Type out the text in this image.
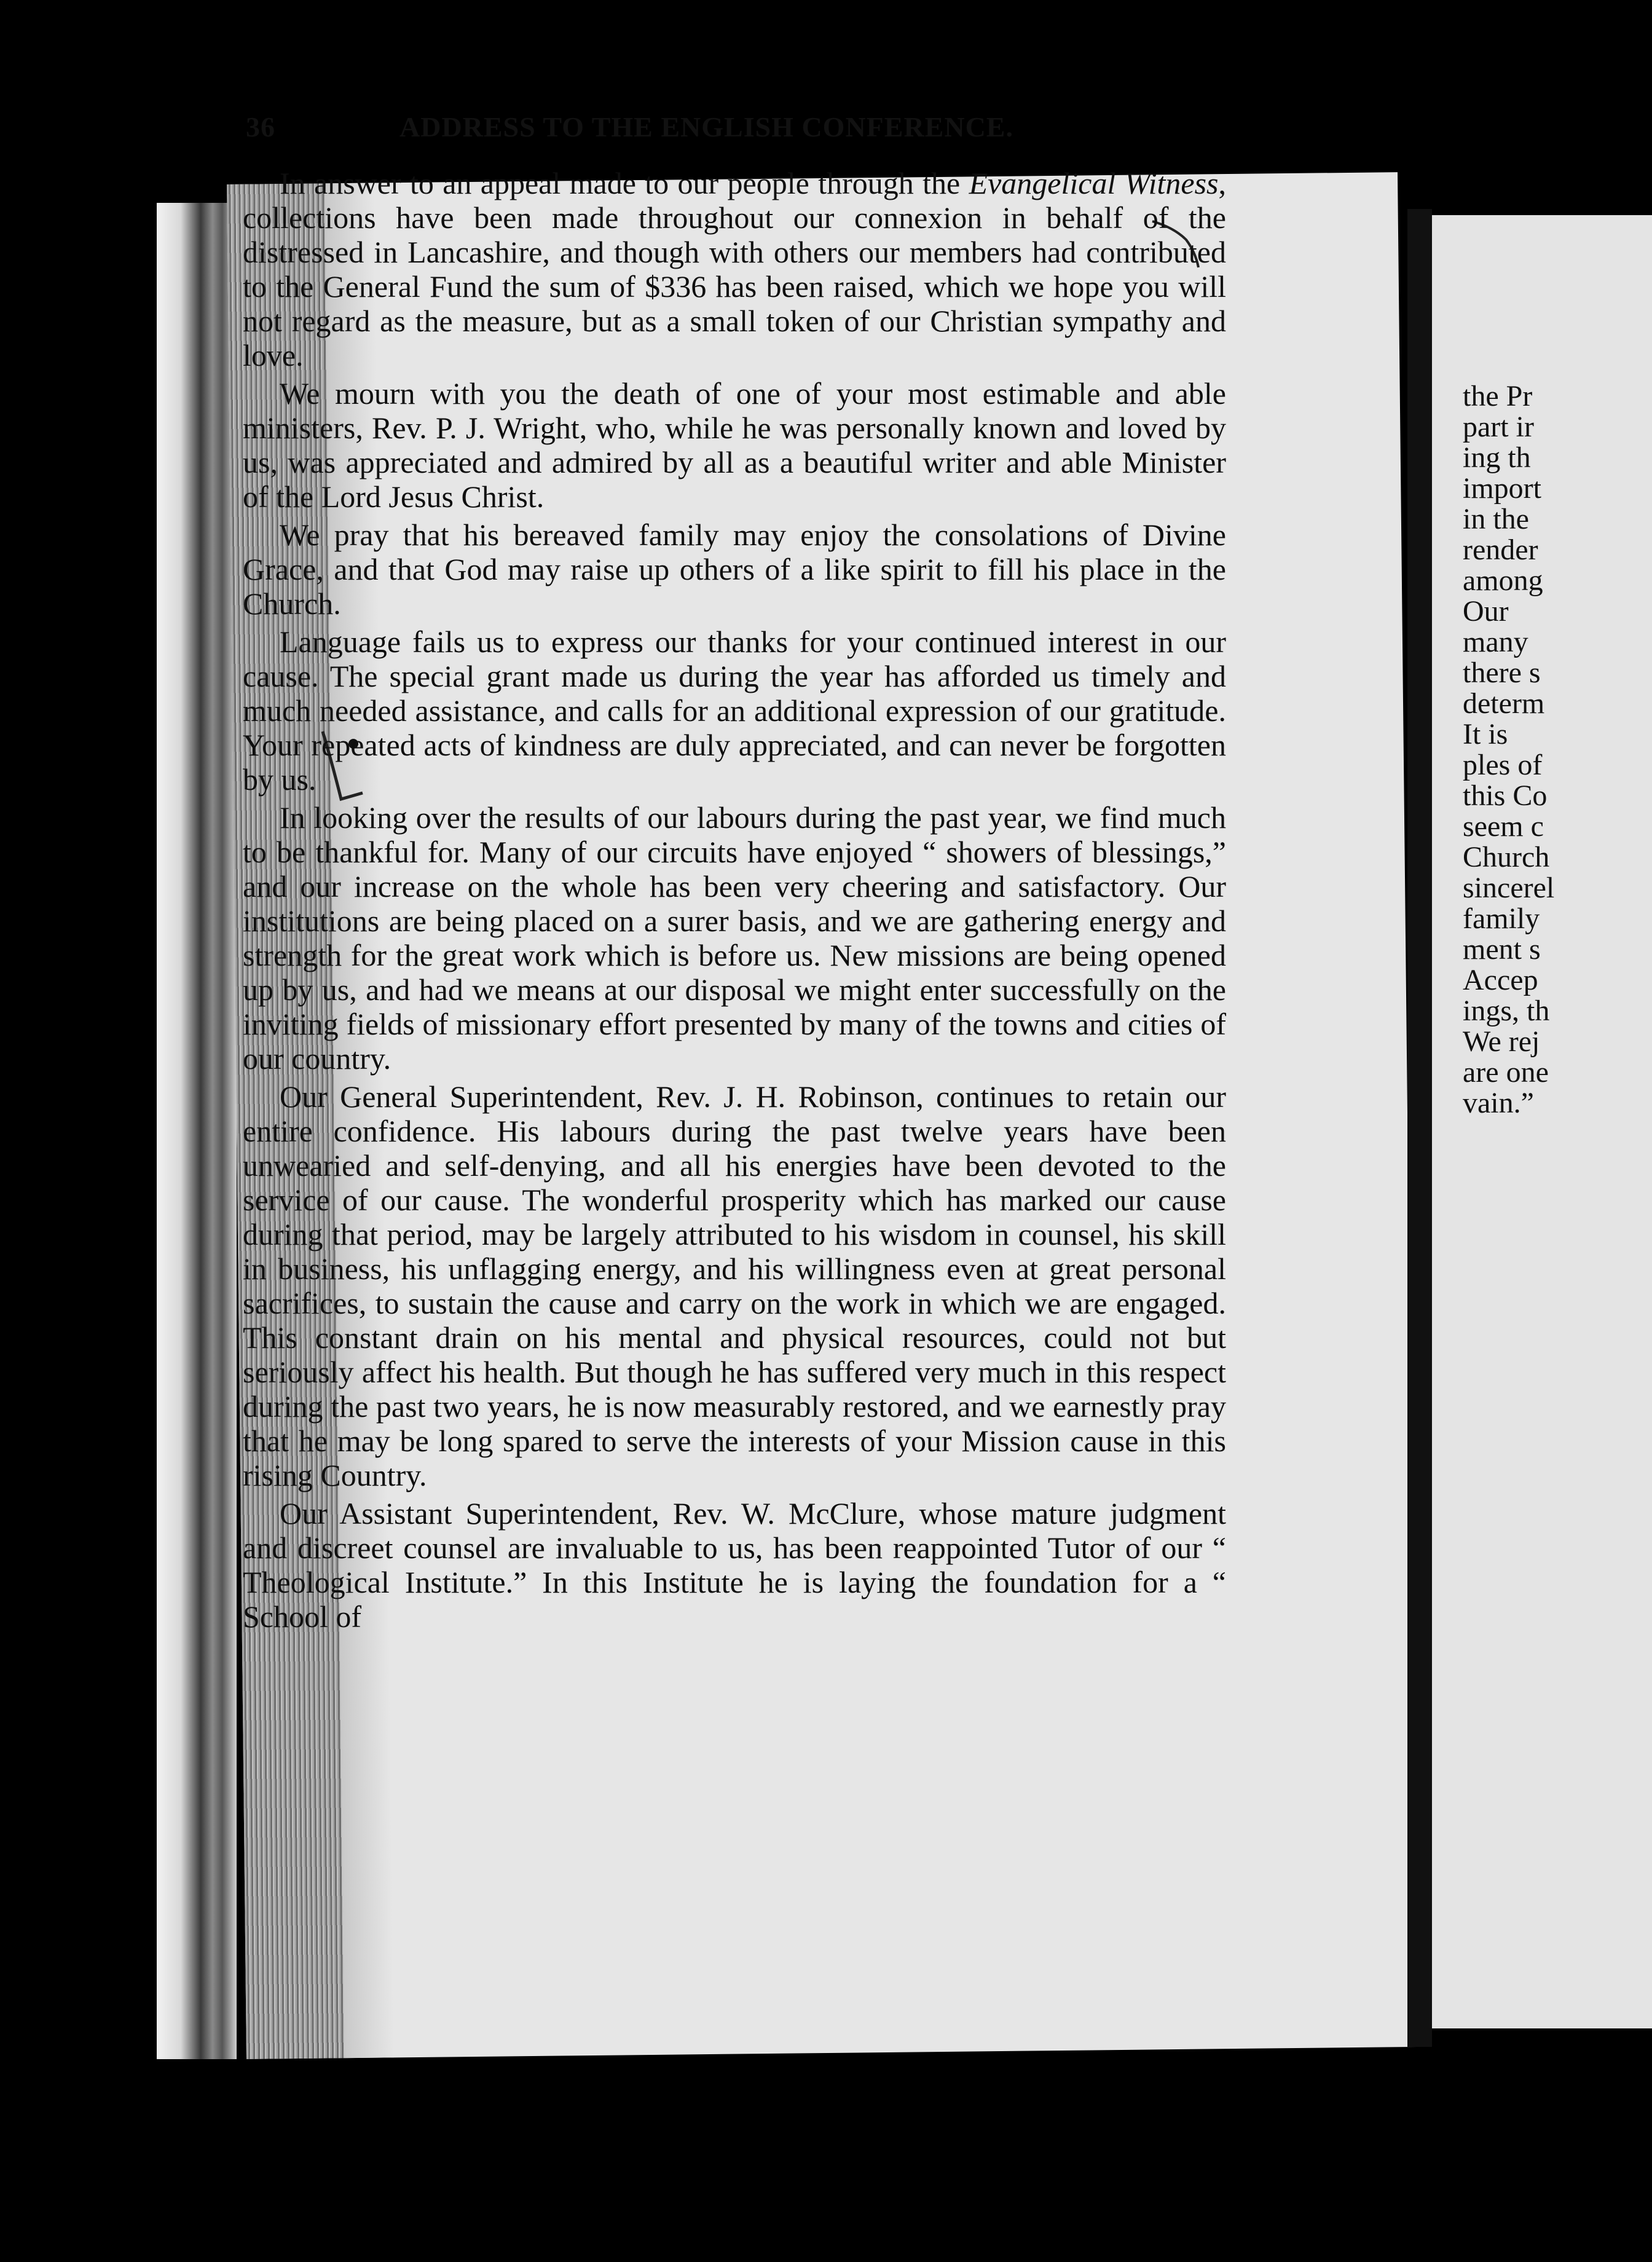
36	ADDRESS TO THE ENGLISH CONFERENCE.

In answer to an appeal made to our people through the Evangelical Witness, collections have been made throughout our connexion in behalf of the distressed in Lancashire, and though with others our members had contributed to the General Fund the sum of $336 has been raised, which we hope you will not regard as the measure, but as a small token of our Christian sympathy and love.

We mourn with you the death of one of your most estimable and able ministers, Rev. P. J. Wright, who, while he was personally known and loved by us, was appreciated and admired by all as a beautiful writer and able Minister of the Lord Jesus Christ.

We pray that his bereaved family may enjoy the consolations of Divine Grace, and that God may raise up others of a like spirit to fill his place in the Church.

Language fails us to express our thanks for your continued interest in our cause. The special grant made us during the year has afforded us timely and much needed assistance, and calls for an additional expression of our gratitude. Your repeated acts of kindness are duly appreciated, and can never be forgotten by us.

In looking over the results of our labours during the past year, we find much to be thankful for. Many of our circuits have enjoyed “ showers of blessings,” and our increase on the whole has been very cheering and satisfactory. Our institutions are being placed on a surer basis, and we are gathering energy and strength for the great work which is before us. New missions are being opened up by us, and had we means at our disposal we might enter successfully on the inviting fields of missionary effort presented by many of the towns and cities of our country.

Our General Superintendent, Rev. J. H. Robinson, continues to retain our entire confidence. His labours during the past twelve years have been unwearied and self-denying, and all his energies have been devoted to the service of our cause. The wonderful prosperity which has marked our cause during that period, may be largely attributed to his wisdom in counsel, his skill in business, his unflagging energy, and his willingness even at great personal sacrifices, to sustain the cause and carry on the work in which we are engaged. This constant drain on his mental and physical resources, could not but seriously affect his health. But though he has suffered very much in this respect during the past two years, he is now measurably restored, and we earnestly pray that he may be long spared to serve the interests of your Mission cause in this rising Country.

Our Assistant Superintendent, Rev. W. McClure, whose mature judgment and discreet counsel are invaluable to us, has been reappointed Tutor of our “ Theological Institute.” In this Institute he is laying the foundation for a “ School of

the Pr
part ir
ing th
import
in the
render
among
Our
many
there s
determ
It is
ples of
this Co
seem c
Church
sincerel
family
ment s
Accep
ings, th
We rej
are one
vain.”
